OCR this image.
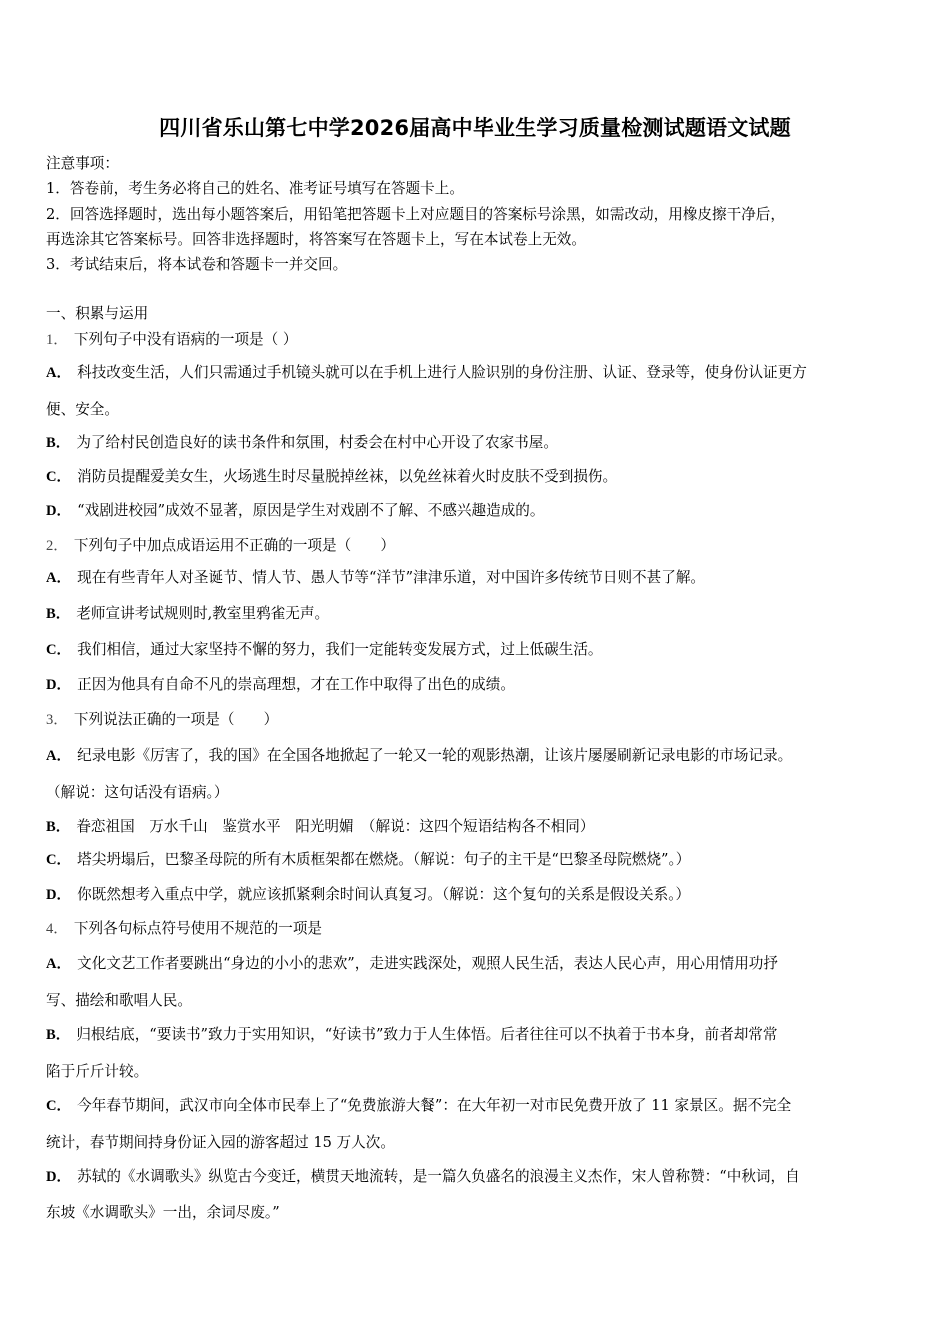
四川省乐山第七中学2026届高中毕业生学习质量检测试题语文试题
注意事项：
1．答卷前，考生务必将自己的姓名、准考证号填写在答题卡上。
2．回答选择题时，选出每小题答案后，用铅笔把答题卡上对应题目的答案标号涂黑，如需改动，用橡皮擦干净后，
再选涂其它答案标号。回答非选择题时，将答案写在答题卡上，写在本试卷上无效。
3．考试结束后，将本试卷和答题卡一并交回。
一、积累与运用
1． 下列句子中没有语病的一项是（ ）
A． 科技改变生活，人们只需通过手机镜头就可以在手机上进行人脸识别的身份注册、认证、登录等，使身份认证更方
便、安全。
B． 为了给村民创造良好的读书条件和氛围，村委会在村中心开设了农家书屋。
C． 消防员提醒爱美女生，火场逃生时尽量脱掉丝袜，以免丝袜着火时皮肤不受到损伤。
D． “戏剧进校园”成效不显著，原因是学生对戏剧不了解、不感兴趣造成的。
2． 下列句子中加点成语运用不正确的一项是（　　）
A． 现在有些青年人对圣诞节、情人节、愚人节等“洋节”津津乐道，对中国许多传统节日则不甚了解。
B． 老师宣讲考试规则时,教室里鸦雀无声。
C． 我们相信，通过大家坚持不懈的努力，我们一定能转变发展方式，过上低碳生活。
D． 正因为他具有自命不凡的崇高理想，才在工作中取得了出色的成绩。
3． 下列说法正确的一项是（　　）
A． 纪录电影《厉害了，我的国》在全国各地掀起了一轮又一轮的观影热潮，让该片屡屡刷新记录电影的市场记录。
（解说：这句话没有语病。）
B． 眷恋祖国　万水千山　鉴赏水平　阳光明媚　（解说：这四个短语结构各不相同）
C． 塔尖坍塌后，巴黎圣母院的所有木质框架都在燃烧。（解说：句子的主干是“巴黎圣母院燃烧”。）
D． 你既然想考入重点中学，就应该抓紧剩余时间认真复习。（解说：这个复句的关系是假设关系。）
4． 下列各句标点符号使用不规范的一项是
A． 文化文艺工作者要跳出“身边的小小的悲欢”，走进实践深处，观照人民生活，表达人民心声，用心用情用功抒
写、描绘和歌唱人民。
B． 归根结底，“要读书”致力于实用知识，“好读书”致力于人生体悟。后者往往可以不执着于书本身，前者却常常
陷于斤斤计较。
C． 今年春节期间，武汉市向全体市民奉上了“免费旅游大餐”：在大年初一对市民免费开放了 11 家景区。据不完全
统计，春节期间持身份证入园的游客超过 15 万人次。
D． 苏轼的《水调歌头》纵览古今变迁，横贯天地流转，是一篇久负盛名的浪漫主义杰作，宋人曾称赞：“中秋词，自
东坡《水调歌头》一出，余词尽废。”
